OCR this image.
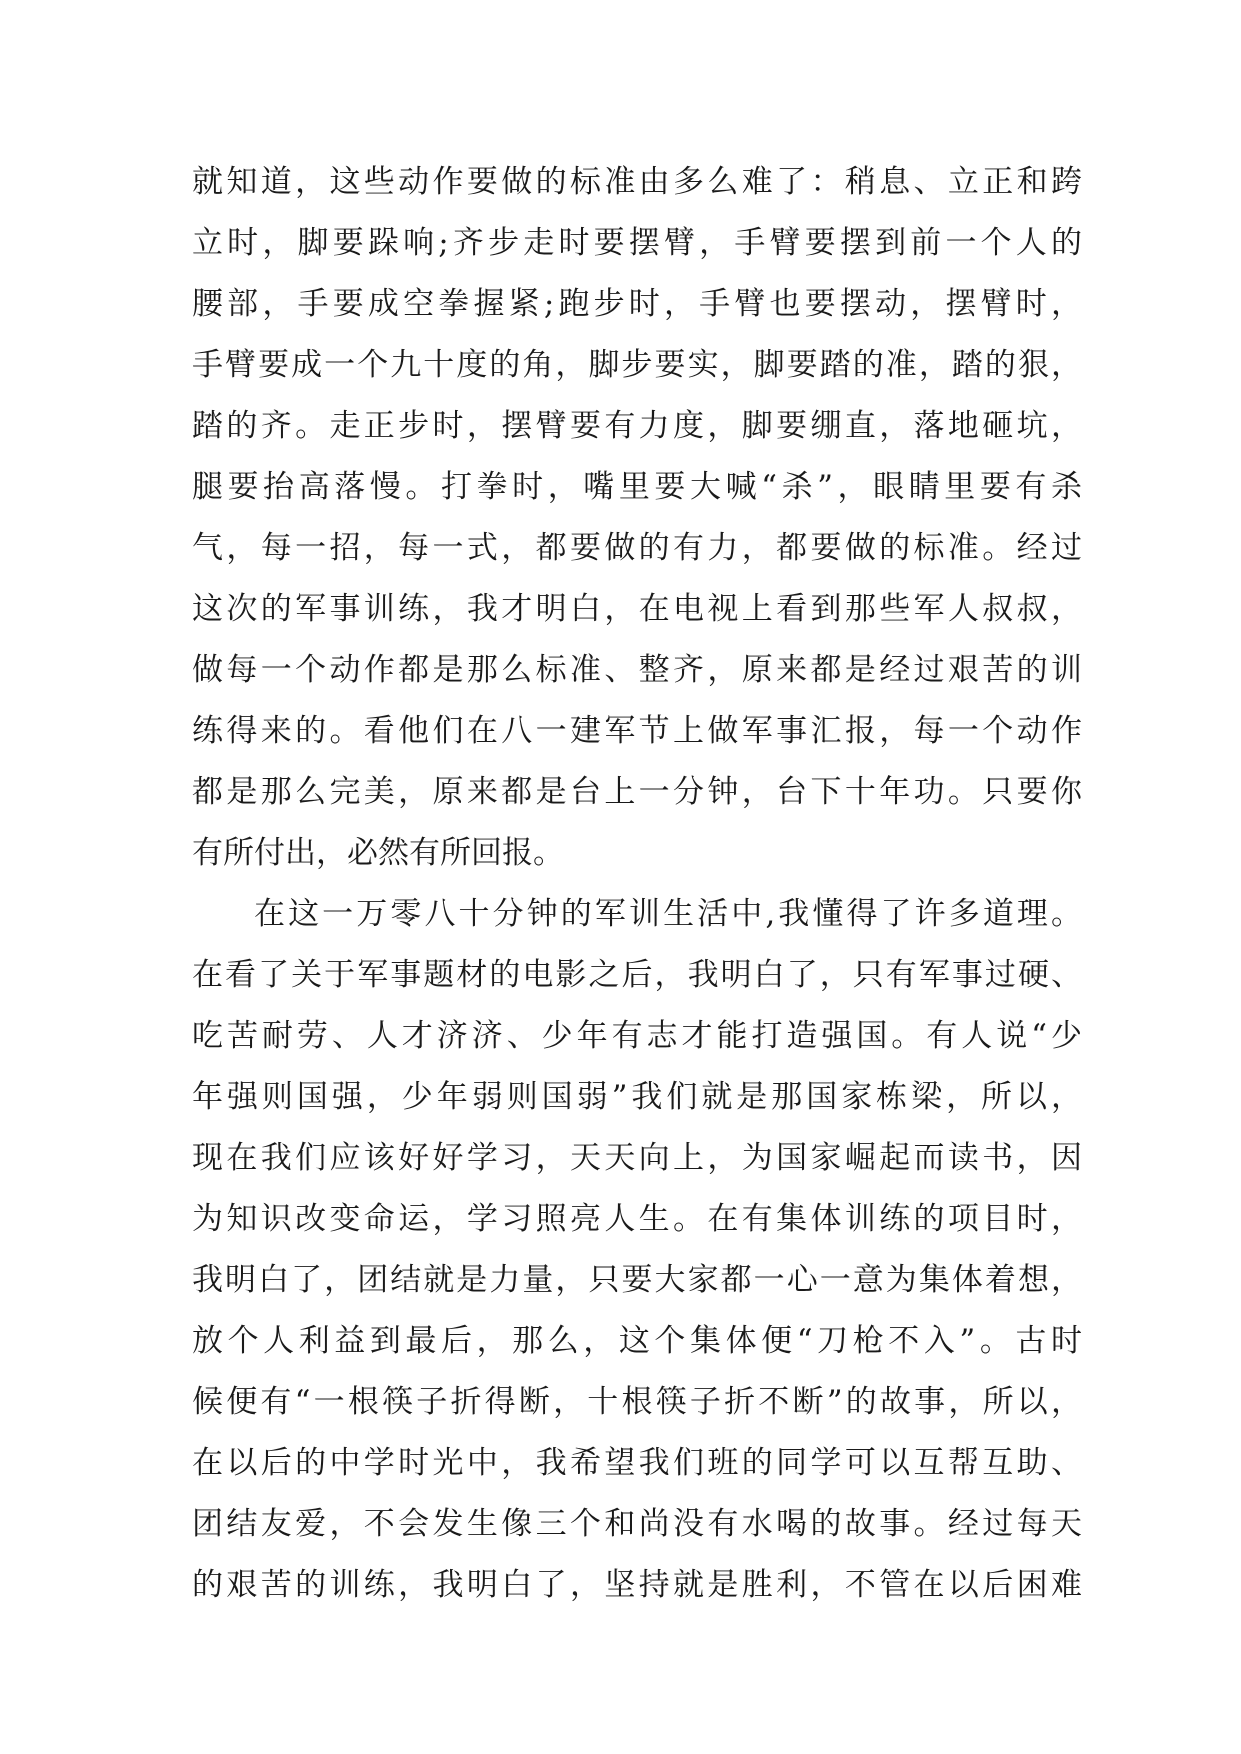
就知道，这些动作要做的标准由多么难了：稍息、立正和跨
立时，脚要跺响;齐步走时要摆臂，手臂要摆到前一个人的
腰部，手要成空拳握紧;跑步时，手臂也要摆动，摆臂时，
手臂要成一个九十度的角，脚步要实，脚要踏的准，踏的狠，
踏的齐。走正步时，摆臂要有力度，脚要绷直，落地砸坑，
腿要抬高落慢。打拳时，嘴里要大喊“杀”，眼睛里要有杀
气，每一招，每一式，都要做的有力，都要做的标准。经过
这次的军事训练，我才明白，在电视上看到那些军人叔叔，
做每一个动作都是那么标准、整齐，原来都是经过艰苦的训
练得来的。看他们在八一建军节上做军事汇报，每一个动作
都是那么完美，原来都是台上一分钟，台下十年功。只要你
有所付出，必然有所回报。
在这一万零八十分钟的军训生活中,我懂得了许多道理。
在看了关于军事题材的电影之后，我明白了，只有军事过硬、
吃苦耐劳、人才济济、少年有志才能打造强国。有人说“少
年强则国强，少年弱则国弱”我们就是那国家栋梁，所以，
现在我们应该好好学习，天天向上，为国家崛起而读书，因
为知识改变命运，学习照亮人生。在有集体训练的项目时，
我明白了，团结就是力量，只要大家都一心一意为集体着想，
放个人利益到最后，那么，这个集体便“刀枪不入”。古时
候便有“一根筷子折得断，十根筷子折不断”的故事，所以，
在以后的中学时光中，我希望我们班的同学可以互帮互助、
团结友爱，不会发生像三个和尚没有水喝的故事。经过每天
的艰苦的训练，我明白了，坚持就是胜利，不管在以后困难
